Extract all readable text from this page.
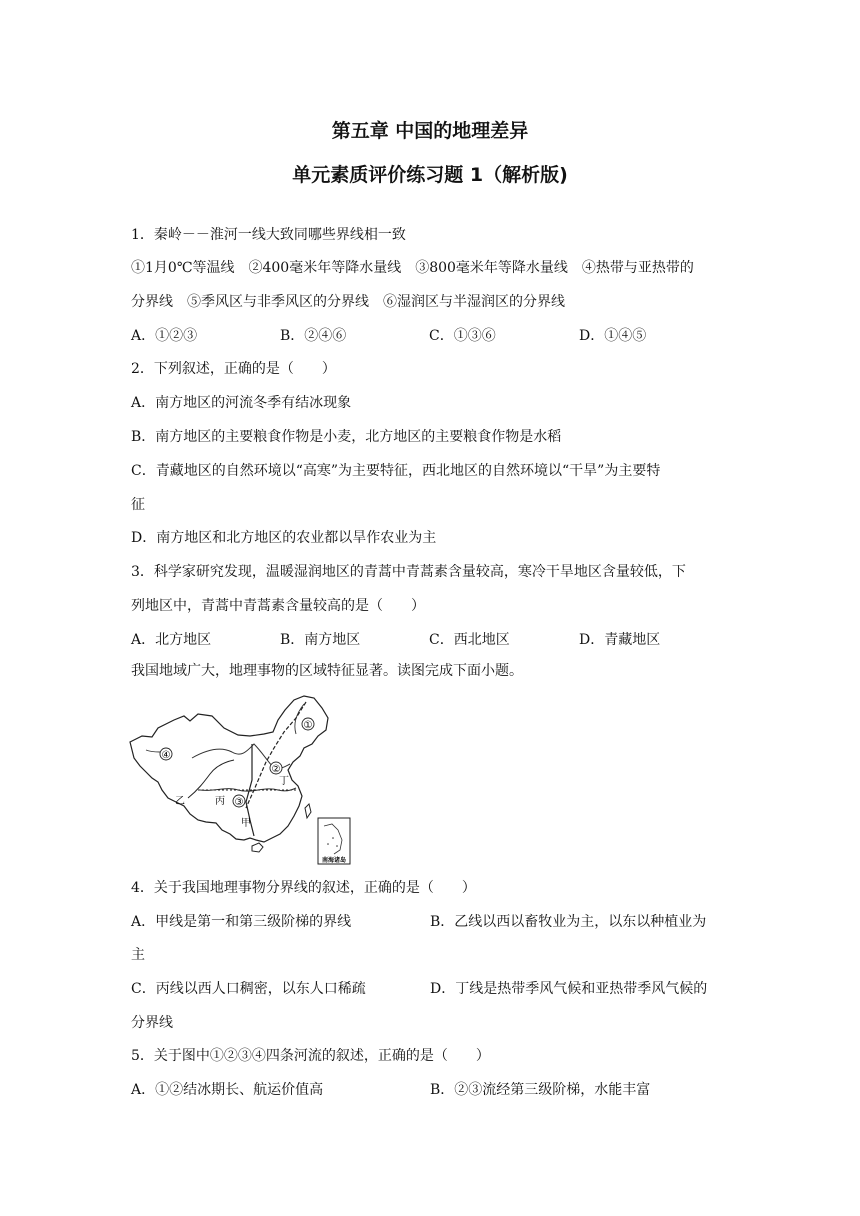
第五章 中国的地理差异
单元素质评价练习题 1（解析版)
1．秦岭－－淮河一线大致同哪些界线相一致
①1月0℃等温线　②400毫米年等降水量线　③800毫米年等降水量线　④热带与亚热带的
分界线　⑤季风区与非季风区的分界线　⑥湿润区与半湿润区的分界线
A．①②③	B．②④⑥	C．①③⑥	D．①④⑤
2．下列叙述，正确的是（　　）
A．南方地区的河流冬季有结冰现象
B．南方地区的主要粮食作物是小麦，北方地区的主要粮食作物是水稻
C．青藏地区的自然环境以“高寒”为主要特征，西北地区的自然环境以“干旱”为主要特
征
D．南方地区和北方地区的农业都以旱作农业为主
3．科学家研究发现，温暖湿润地区的青蒿中青蒿素含量较高，寒冷干旱地区含量较低，下
列地区中，青蒿中青蒿素含量较高的是（　　）
A．北方地区	B．南方地区	C．西北地区	D．青藏地区
我国地域广大，地理事物的区域特征显著。读图完成下面小题。
①
②
③
④
甲
乙	丙
丁
南海诸岛
4．关于我国地理事物分界线的叙述，正确的是（　　）
A．甲线是第一和第三级阶梯的界线	B．乙线以西以畜牧业为主，以东以种植业为
主
C．丙线以西人口稠密，以东人口稀疏	D．丁线是热带季风气候和亚热带季风气候的
分界线
5．关于图中①②③④四条河流的叙述，正确的是（　　）
A．①②结冰期长、航运价值高	B．②③流经第三级阶梯，水能丰富
